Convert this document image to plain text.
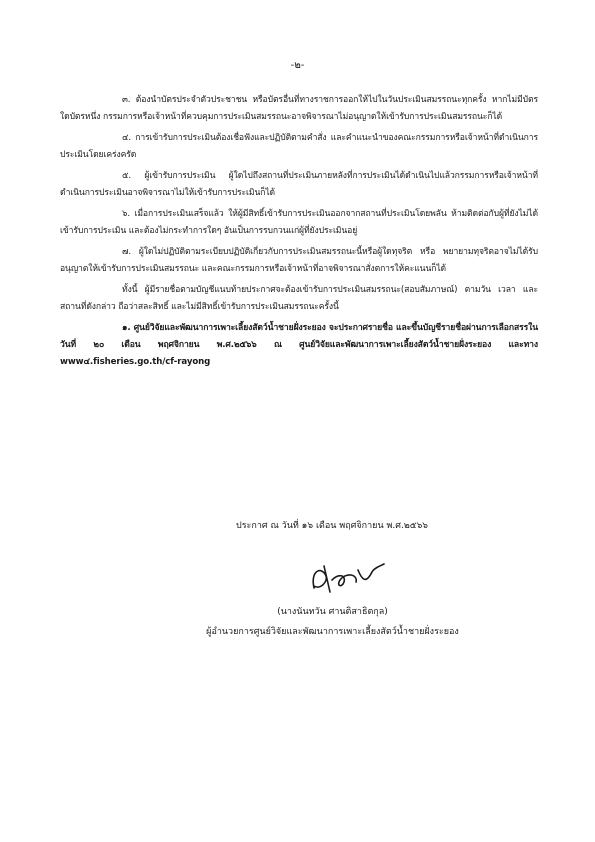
-๒-

๓. ต้องนำบัตรประจำตัวประชาชน หรือบัตรอื่นที่ทางราชการออกให้ไปในวันประเมินสมรรถนะทุกครั้ง หากไม่มีบัตรใดบัตรหนึ่ง กรรมการหรือเจ้าหน้าที่ควบคุมการประเมินสมรรถนะอาจพิจารณาไม่อนุญาตให้เข้ารับการประเมินสมรรถนะก็ได้

๔. การเข้ารับการประเมินต้องเชื่อฟังและปฏิบัติตามคำสั่ง และคำแนะนำของคณะกรรมการหรือเจ้าหน้าที่ดำเนินการประเมินโดยเคร่งครัด

๕. ผู้เข้ารับการประเมิน ผู้ใดไปถึงสถานที่ประเมินภายหลังที่การประเมินได้ดำเนินไปแล้วกรรมการหรือเจ้าหน้าที่ดำเนินการประเมินอาจพิจารณาไม่ให้เข้ารับการประเมินก็ได้

๖. เมื่อการประเมินเสร็จแล้ว ให้ผู้มีสิทธิ์เข้ารับการประเมินออกจากสถานที่ประเมินโดยพลัน ห้ามติดต่อกับผู้ที่ยังไม่ได้เข้ารับการประเมิน และต้องไม่กระทำการใดๆ อันเป็นการรบกวนแก่ผู้ที่ยังประเมินอยู่

๗. ผู้ใดไม่ปฏิบัติตามระเบียบปฏิบัติเกี่ยวกับการประเมินสมรรถนะนี้หรือผู้ใดทุจริต หรือ พยายามทุจริตอาจไม่ได้รับอนุญาตให้เข้ารับการประเมินสมรรถนะ และคณะกรรมการหรือเจ้าหน้าที่อาจพิจารณาสั่งตการให้คะแนนก็ได้

ทั้งนี้ ผู้มีรายชื่อตามบัญชีแนบท้ายประกาศจะต้องเข้ารับการประเมินสมรรถนะ(สอบสัมภาษณ์) ตามวัน เวลา และสถานที่ดังกล่าว ถือว่าสละสิทธิ์ และไม่มีสิทธิ์เข้ารับการประเมินสมรรถนะครั้งนี้

๑. ศูนย์วิจัยและพัฒนาการเพาะเลี้ยงสัตว์น้ำชายฝั่งระยอง จะประกาศรายชื่อ และขึ้นบัญชีรายชื่อผ่านการเลือกสรรในวันที่ ๒๐ เดือน พฤศจิกายน พ.ศ.๒๕๖๖ ณ ศูนย์วิจัยและพัฒนาการเพาะเลี้ยงสัตว์น้ำชายฝั่งระยอง และทาง www๔.fisheries.go.th/cf-rayong

ประกาศ ณ วันที่ ๑๖ เดือน พฤศจิกายน พ.ศ.๒๕๖๖
(นางนันทวัน ศานติสาธิตกุล)
ผู้อำนวยการศูนย์วิจัยและพัฒนาการเพาะเลี้ยงสัตว์น้ำชายฝั่งระยอง
